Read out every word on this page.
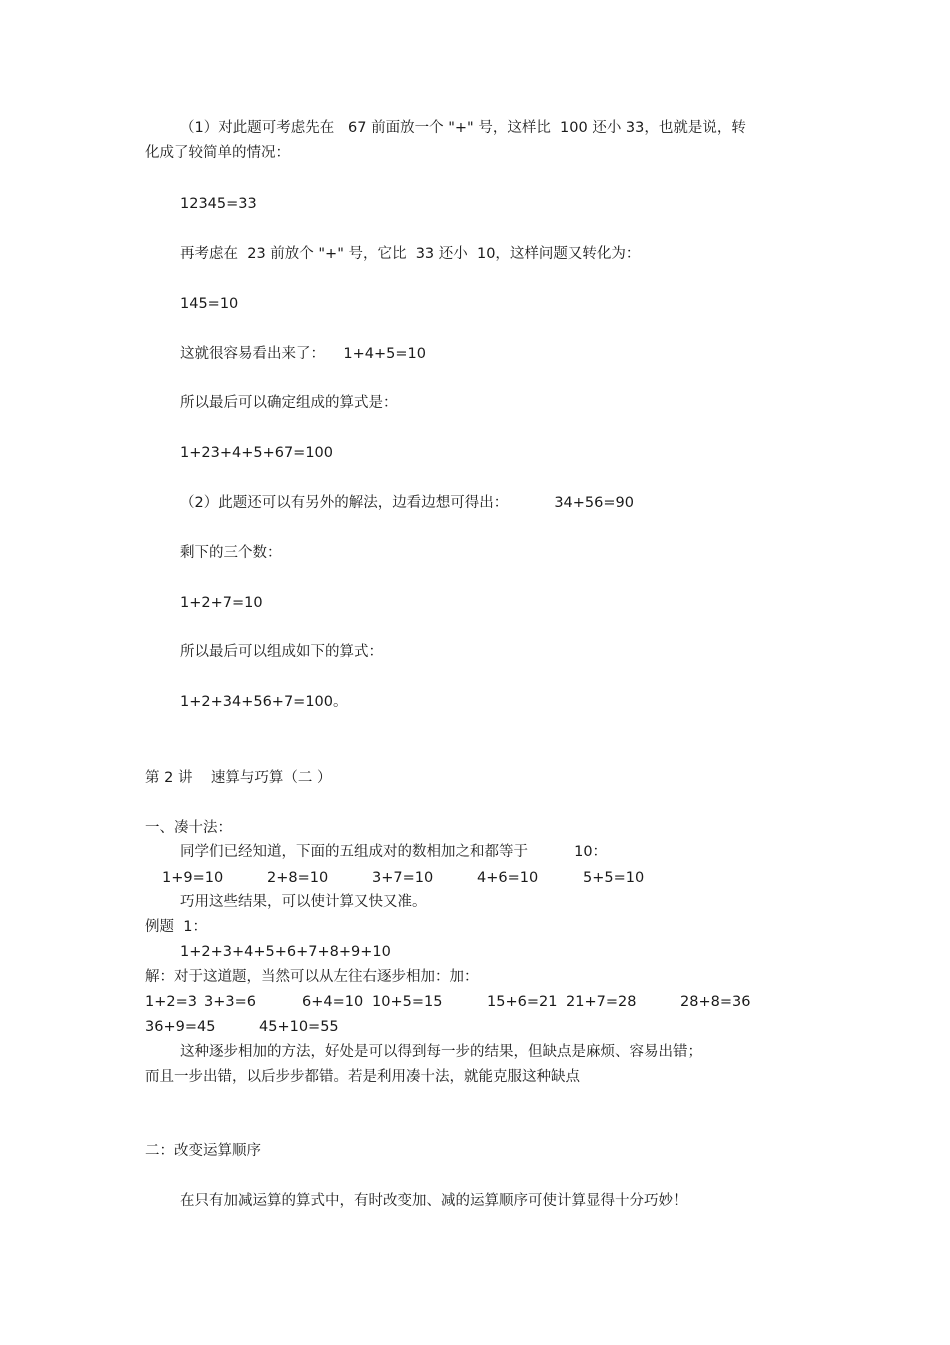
（1）对此题可考虑先在   67 前面放一个 "+" 号，这样比  100 还小 33，也就是说，转
化成了较简单的情况：
12345=33
再考虑在  23 前放个 "+" 号，它比  33 还小  10，这样问题又转化为：
145=10
这就很容易看出来了：    1+4+5=10
所以最后可以确定组成的算式是：
1+23+4+5+67=100
（2）此题还可以有另外的解法，边看边想可得出：          34+56=90
剩下的三个数：
1+2+7=10
所以最后可以组成如下的算式：
1+2+34+56+7=100。
第 2 讲    速算与巧算（二 ）
一、凑十法：
同学们已经知道，下面的五组成对的数相加之和都等于          10：
1+9=10	2+8=10	3+7=10	4+6=10	5+5=10
巧用这些结果，可以使计算又快又准。
例题  1：
1+2+3+4+5+6+7+8+9+10
解：对于这道题，当然可以从左往右逐步相加：加：
1+2=3 3+3=6	6+4=10 10+5=15	15+6=21 21+7=28	28+8=36
36+9=45	45+10=55
这种逐步相加的方法，好处是可以得到每一步的结果，但缺点是麻烦、容易出错；
而且一步出错，以后步步都错。若是利用凑十法，就能克服这种缺点
二：改变运算顺序
在只有加减运算的算式中，有时改变加、减的运算顺序可使计算显得十分巧妙！
